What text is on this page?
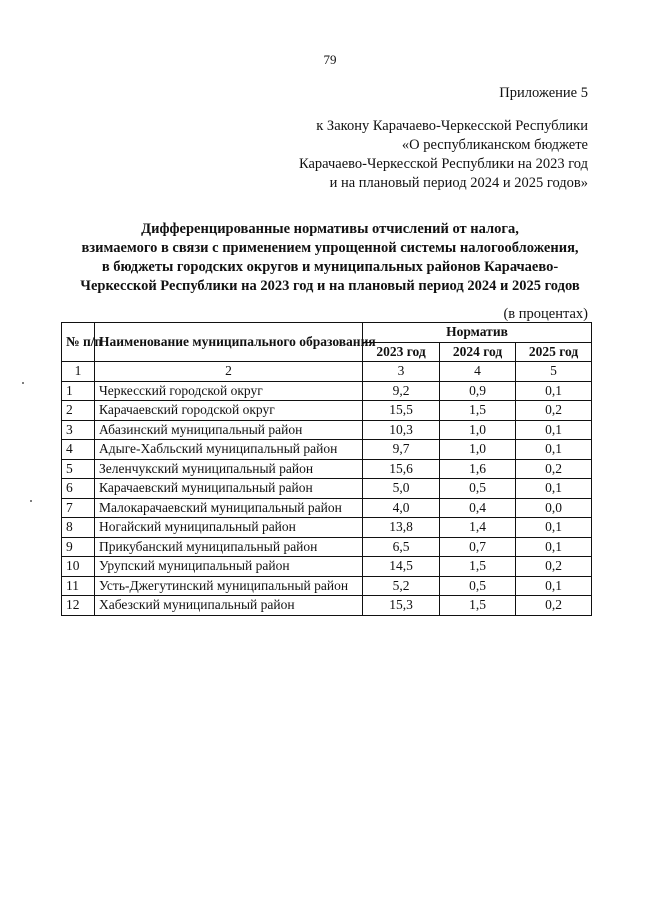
79
Приложение 5
к Закону Карачаево-Черкесской Республики
«О республиканском бюджете
Карачаево-Черкесской Республики на 2023 год
и на плановый период 2024 и 2025 годов»
Дифференцированные нормативы отчислений от налога,
взимаемого в связи с применением упрощенной системы налогообложения,
в бюджеты городских округов и муниципальных районов Карачаево-
Черкесской Республики на 2023 год и на плановый период 2024 и 2025 годов
(в процентах)
№ п/п	Наименование муниципального образования	Норматив		
		2023 год	2024 год	2025 год
1	2	3	4	5
1	Черкесский городской округ	9,2	0,9	0,1
2	Карачаевский городской округ	15,5	1,5	0,2
3	Абазинский муниципальный район	10,3	1,0	0,1
4	Адыге-Хабльский муниципальный район	9,7	1,0	0,1
5	Зеленчукский муниципальный район	15,6	1,6	0,2
6	Карачаевский муниципальный район	5,0	0,5	0,1
7	Малокарачаевский муниципальный район	4,0	0,4	0,0
8	Ногайский муниципальный район	13,8	1,4	0,1
9	Прикубанский муниципальный район	6,5	0,7	0,1
10	Урупский муниципальный район	14,5	1,5	0,2
11	Усть-Джегутинский муниципальный район	5,2	0,5	0,1
12	Хабезский муниципальный район	15,3	1,5	0,2
